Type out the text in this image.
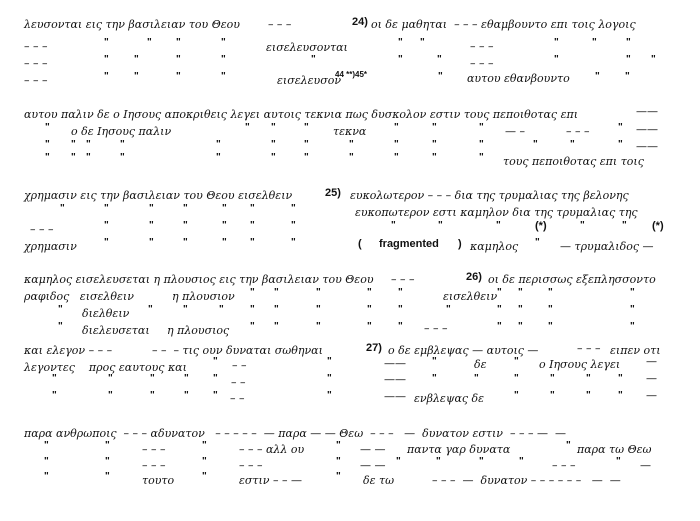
λευσονται εις την βασιλειαν του Θεου        – – –	24) οι δε μαθηται  – – – εθαμβουντο επι τοις λογοις
– – –	εισελευσονται	– – –
– – –	– – –
– – –	εισελευσον
44 **)45*	αυτου εθανβουντο
αυτου παλιν δε ο Ιησους αποκριθεις λεγει αυτοις τεκνια πως δυσκολον εστιν τους πεποιθοτας επι	——
ο δε Ιησους παλιν	τεκνα	— –	– – –	——
——
τους πεποιθοτας επι τοις
χρημασιν εις την βασιλειαν του Θεου εισελθειν	25) ευκολωτερον – – – δια της τρυμαλιας της βελονης
ευκοπωτερον εστι καμηλον δια της τρυμαλιας της
– – –	(*)	(*)
χρημασιν	( fragmented ) καμηλος	— τρυμαλιδος —
καμηλος εισελευσεται η πλουσιος εις την βασιλειαν του Θεου     – – –	26) οι δε περισσως εξεπλησσοντο
ραφιδος   εισελθειν	η πλουσιον	εισελθειν
διελθειν
διελευσεται η πλουσιος	– – –
και ελεγον – – –	– –  – τις ουν δυναται σωθηναι	27) ο δε εμβλεψας — αυτοις —	– – – ειπεν οτι
λεγοντες    προς εαυτους και	– –	——	δε	ο Ιησους λεγει —
– –	——	—
– –	—— ενβλεψας δε	—
παρα ανθρωποις  – – – αδυνατον   – – – – –  — παρα — — Θεω  – – –   —  δυνατον εστιν  – – – —  —
– – –	– – – αλλ ου	— — παντα γαρ δυνατα	παρα τω Θεω
– – –	– – –	— —	– – –	—
τουτο	εστιν – – —	δε τω	– – –  —  δυνατον – – – – – –   —  —
"	" "	"	" "	"	"	"
"	"	"	"	"	"	"	"	" "
"	"	"	"	"	"	"
"	" "	"	"	"	"	"
" " "	"	"	"	"	"	"	"	"	"	"	"
" " "	"	"	"	"	"	"	"	"
"	"	"	"	" "	"
"	"	"	" "	"	"	"	"	"	"
"	"	"	" "	"	"
" "	"	"	"	" "	"	"
"	"	"	"	" "	"	"	"	"	" "	"	"
"	" "	"	"	"	" "	"	"
"	"	"	"
"	"	"	" "	"	"	"	"	"	"	"
"	"	"	" "	"	"	"	"	"
"	"	"	"	"
"	"	"	"	"	"	"	"	"
"	"	"	"
